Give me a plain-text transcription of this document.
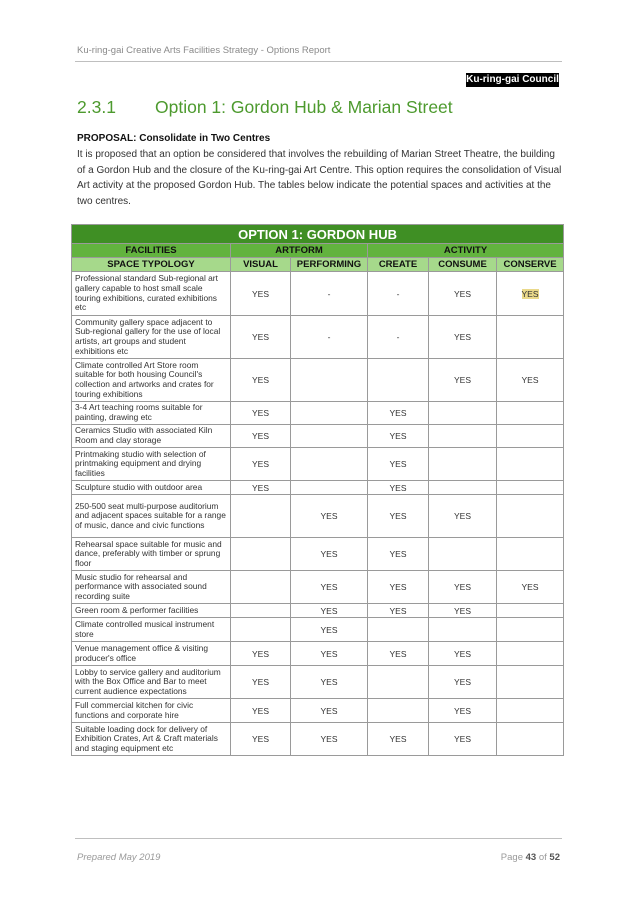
Ku-ring-gai Creative Arts Facilities Strategy - Options Report
Ku-ring-gai Council
2.3.1 Option 1: Gordon Hub & Marian Street
PROPOSAL: Consolidate in Two Centres
It is proposed that an option be considered that involves the rebuilding of Marian Street Theatre, the building of a Gordon Hub and the closure of the Ku-ring-gai Art Centre. This option requires the consolidation of Visual Art activity at the proposed Gordon Hub. The tables below indicate the potential spaces and activities at the two centres.
OPTION 1: GORDON HUB					
FACILITIES	ARTFORM		ACTIVITY		
SPACE TYPOLOGY	VISUAL	PERFORMING	CREATE	CONSUME	CONSERVE
Professional standard Sub-regional art gallery capable to host small scale touring exhibitions, curated exhibitions etc	YES	-	-	YES	YES
Community gallery space adjacent to Sub-regional gallery for the use of local artists, art groups and student exhibitions etc	YES	-	-	YES	
Climate controlled Art Store room suitable for both housing Council's collection and artworks and crates for touring exhibitions	YES			YES	YES
3-4 Art teaching rooms suitable for painting, drawing etc	YES		YES		
Ceramics Studio with associated Kiln Room and clay storage	YES		YES		
Printmaking studio with selection of printmaking equipment and drying facilities	YES		YES		
Sculpture studio with outdoor area	YES		YES		
250-500 seat multi-purpose auditorium and adjacent spaces suitable for a range of music, dance and civic functions		YES	YES	YES	
Rehearsal space suitable for music and dance, preferably with timber or sprung floor		YES	YES		
Music studio for rehearsal and performance with associated sound recording suite		YES	YES	YES	YES
Green room & performer facilities		YES	YES	YES	
Climate controlled musical instrument store		YES			
Venue management office & visiting producer's office	YES	YES	YES	YES	
Lobby to service gallery and auditorium with the Box Office and Bar to meet current audience expectations	YES	YES		YES	
Full commercial kitchen for civic functions and corporate hire	YES	YES		YES	
Suitable loading dock for delivery of Exhibition Crates, Art & Craft materials and staging equipment etc	YES	YES	YES	YES	
Prepared May 2019	Page 43 of 52
